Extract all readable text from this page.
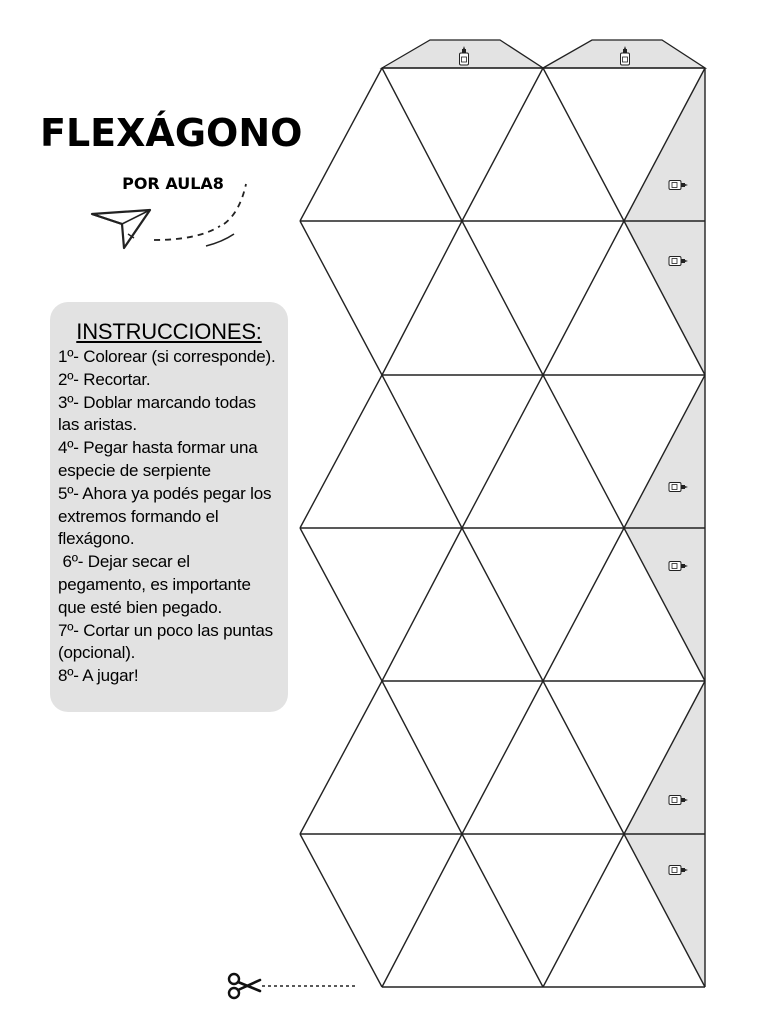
FLEXÁGONO
POR AULA8
INSTRUCCIONES:
1º- Colorear (si corresponde).
2º- Recortar.
3º- Doblar marcando todas las aristas.
4º- Pegar hasta formar una especie de serpiente
5º- Ahora ya podés pegar los extremos formando el flexágono.
6º- Dejar secar el pegamento, es importante que esté bien pegado.
7º- Cortar un poco las puntas (opcional).
8º- A jugar!
